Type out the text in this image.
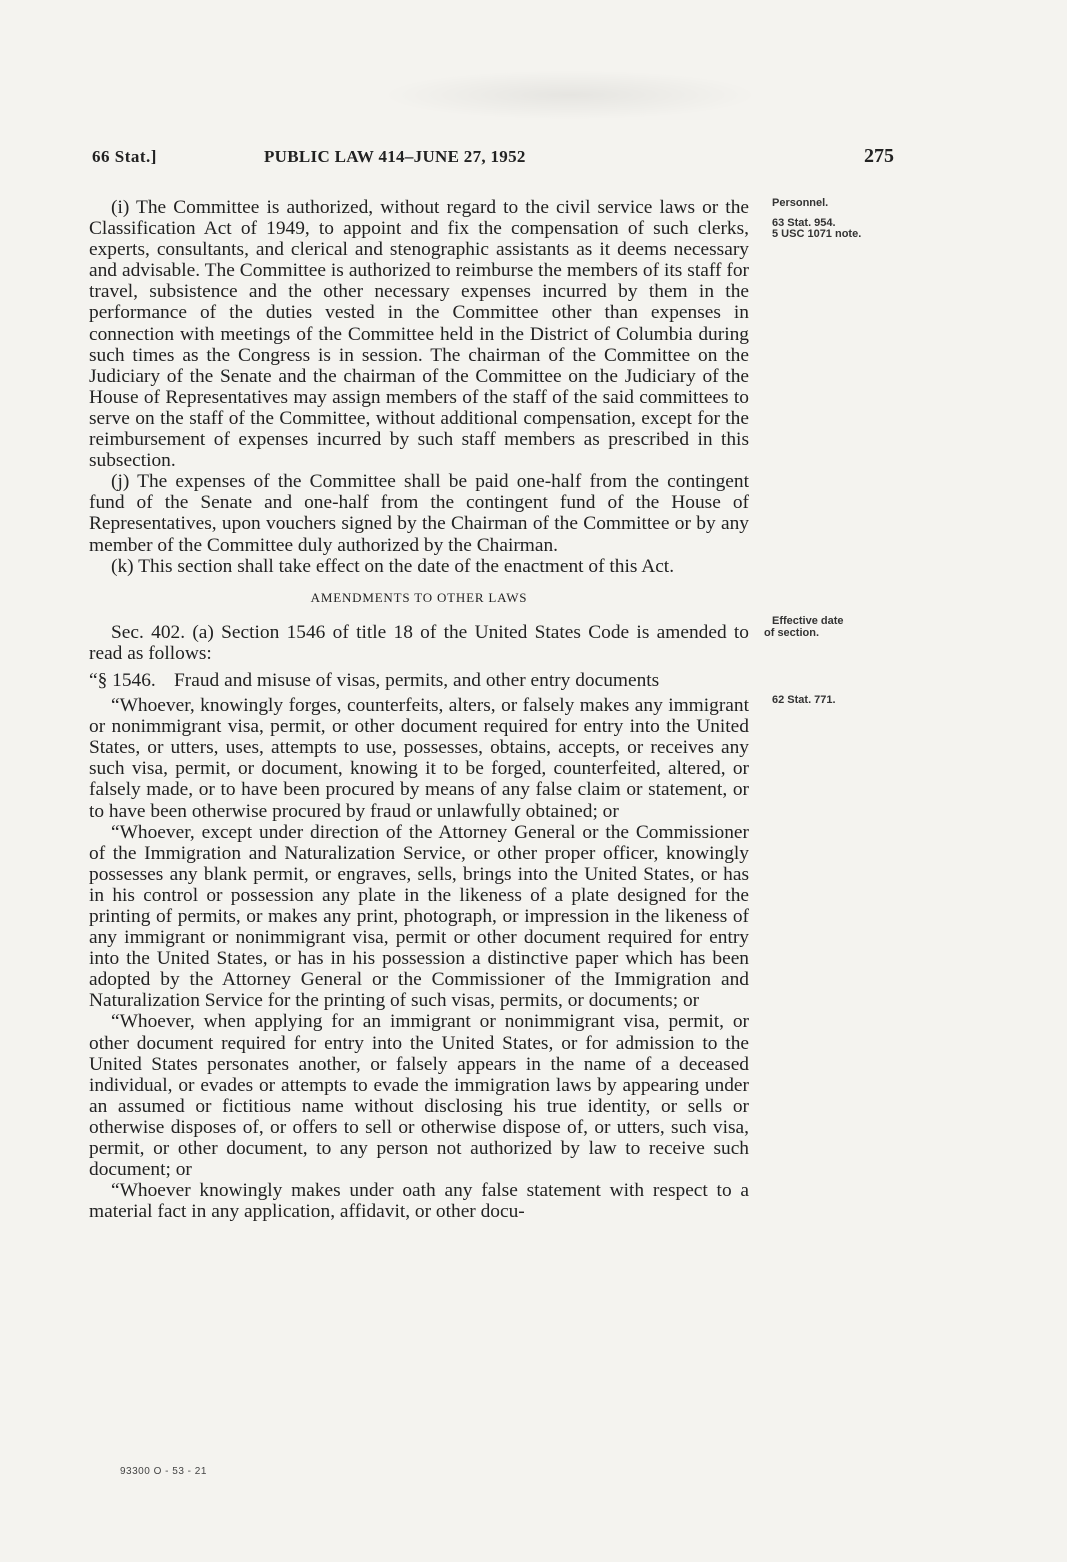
66 Stat.]	PUBLIC LAW 414–JUNE 27, 1952	275

(i) The Committee is authorized, without regard to the civil service laws or the Classification Act of 1949, to appoint and fix the compensation of such clerks, experts, consultants, and clerical and stenographic assistants as it deems necessary and advisable. The Committee is authorized to reimburse the members of its staff for travel, subsistence and the other necessary expenses incurred by them in the performance of the duties vested in the Committee other than expenses in connection with meetings of the Committee held in the District of Columbia during such times as the Congress is in session. The chairman of the Committee on the Judiciary of the Senate and the chairman of the Committee on the Judiciary of the House of Representatives may assign members of the staff of the said committees to serve on the staff of the Committee, without additional compensation, except for the reimbursement of expenses incurred by such staff members as prescribed in this subsection.

(j) The expenses of the Committee shall be paid one-half from the contingent fund of the Senate and one-half from the contingent fund of the House of Representatives, upon vouchers signed by the Chairman of the Committee or by any member of the Committee duly authorized by the Chairman.

(k) This section shall take effect on the date of the enactment of this Act.

AMENDMENTS TO OTHER LAWS

Sec. 402. (a) Section 1546 of title 18 of the United States Code is amended to read as follows:

“§ 1546. Fraud and misuse of visas, permits, and other entry documents

“Whoever, knowingly forges, counterfeits, alters, or falsely makes any immigrant or nonimmigrant visa, permit, or other document required for entry into the United States, or utters, uses, attempts to use, possesses, obtains, accepts, or receives any such visa, permit, or document, knowing it to be forged, counterfeited, altered, or falsely made, or to have been procured by means of any false claim or statement, or to have been otherwise procured by fraud or unlawfully obtained; or

“Whoever, except under direction of the Attorney General or the Commissioner of the Immigration and Naturalization Service, or other proper officer, knowingly possesses any blank permit, or engraves, sells, brings into the United States, or has in his control or possession any plate in the likeness of a plate designed for the printing of permits, or makes any print, photograph, or impression in the likeness of any immigrant or nonimmigrant visa, permit or other document required for entry into the United States, or has in his possession a distinctive paper which has been adopted by the Attorney General or the Commissioner of the Immigration and Naturalization Service for the printing of such visas, permits, or documents; or

“Whoever, when applying for an immigrant or nonimmigrant visa, permit, or other document required for entry into the United States, or for admission to the United States personates another, or falsely appears in the name of a deceased individual, or evades or attempts to evade the immigration laws by appearing under an assumed or fictitious name without disclosing his true identity, or sells or otherwise disposes of, or offers to sell or otherwise dispose of, or utters, such visa, permit, or other document, to any person not authorized by law to receive such document; or

“Whoever knowingly makes under oath any false statement with respect to a material fact in any application, affidavit, or other docu-

Personnel.
63 Stat. 954.
5 USC 1071 note.
Effective date
of section.
62 Stat. 771.
93300 O - 53 - 21
